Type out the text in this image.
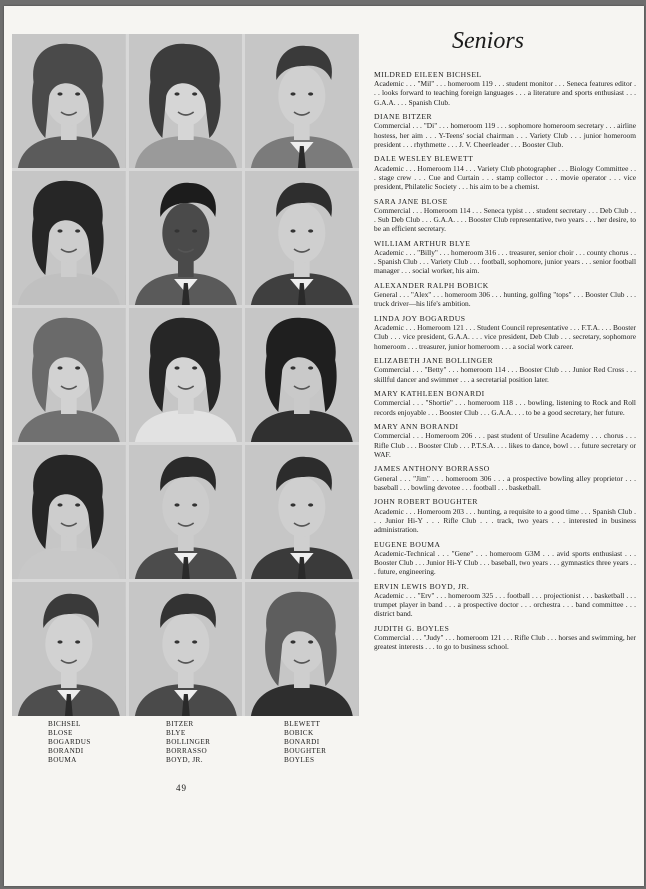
BICHSEL
BLOSE
BOGARDUS
BORANDI
BOUMA
BITZER
BLYE
BOLLINGER
BORRASSO
BOYD, JR.
BLEWETT
BOBICK
BONARDI
BOUGHTER
BOYLES
49
Seniors
MILDRED EILEEN BICHSEL
Academic . . . "Mil" . . . homeroom 119 . . . student monitor . . . Seneca features editor . . . looks forward to teaching foreign languages . . . a literature and sports enthusiast . . . G.A.A. . . . Spanish Club.
DIANE BITZER
Commercial . . . "Di" . . . homeroom 119 . . . sophomore homeroom secretary . . . airline hostess, her aim . . . Y-Teens' social chairman . . . Variety Club . . . junior homeroom president . . . rhythmette . . . J. V. Cheerleader . . . Booster Club.
DALE WESLEY BLEWETT
Academic . . . Homeroom 114 . . . Variety Club photographer . . . Biology Committee . . . stage crew . . . Cue and Curtain . . . stamp collector . . . movie operator . . . vice president, Philatelic Society . . . his aim to be a chemist.
SARA JANE BLOSE
Commercial . . . Homeroom 114 . . . Seneca typist . . . student secretary . . . Deb Club . . . Sub Deb Club . . . G.A.A. . . . Booster Club representative, two years . . . her desire, to be an efficient secretary.
WILLIAM ARTHUR BLYE
Academic . . . "Billy" . . . homeroom 316 . . . treasurer, senior choir . . . county chorus . . . Spanish Club . . . Variety Club . . . football, sophomore, junior years . . . senior football manager . . . social worker, his aim.
ALEXANDER RALPH BOBICK
General . . . "Alex" . . . homeroom 306 . . . hunting, golfing "tops" . . . Booster Club . . . truck driver—his life's ambition.
LINDA JOY BOGARDUS
Academic . . . Homeroom 121 . . . Student Council representative . . . F.T.A. . . . Booster Club . . . vice president, G.A.A. . . . vice president, Deb Club . . . secretary, sophomore homeroom . . . treasurer, junior homeroom . . . a social work career.
ELIZABETH JANE BOLLINGER
Commercial . . . "Betty" . . . homeroom 114 . . . Booster Club . . . Junior Red Cross . . . skillful dancer and swimmer . . . a secretarial position later.
MARY KATHLEEN BONARDI
Commercial . . . "Shortie" . . . homeroom 118 . . . bowling, listening to Rock and Roll records enjoyable . . . Booster Club . . . G.A.A. . . . to be a good secretary, her future.
MARY ANN BORANDI
Commercial . . . Homeroom 206 . . . past student of Ursuline Academy . . . chorus . . . Rifle Club . . . Booster Club . . . P.T.S.A. . . . likes to dance, bowl . . . future secretary or WAF.
JAMES ANTHONY BORRASSO
General . . . "Jim" . . . homeroom 306 . . . a prospective bowling alley proprietor . . . baseball . . . bowling devotee . . . football . . . basketball.
JOHN ROBERT BOUGHTER
Academic . . . Homeroom 203 . . . hunting, a requisite to a good time . . . Spanish Club . . . Junior Hi-Y . . . Rifle Club . . . track, two years . . . interested in business administration.
EUGENE BOUMA
Academic-Technical . . . "Gene" . . . homeroom G3M . . . avid sports enthusiast . . . Booster Club . . . Junior Hi-Y Club . . . baseball, two years . . . gymnastics three years . . . future, engineering.
ERVIN LEWIS BOYD, JR.
Academic . . . "Erv" . . . homeroom 325 . . . football . . . projectionist . . . basketball . . . trumpet player in band . . . a prospective doctor . . . orchestra . . . band committee . . . district band.
JUDITH G. BOYLES
Commercial . . . "Judy" . . . homeroom 121 . . . Rifle Club . . . horses and swimming, her greatest interests . . . to go to business school.
